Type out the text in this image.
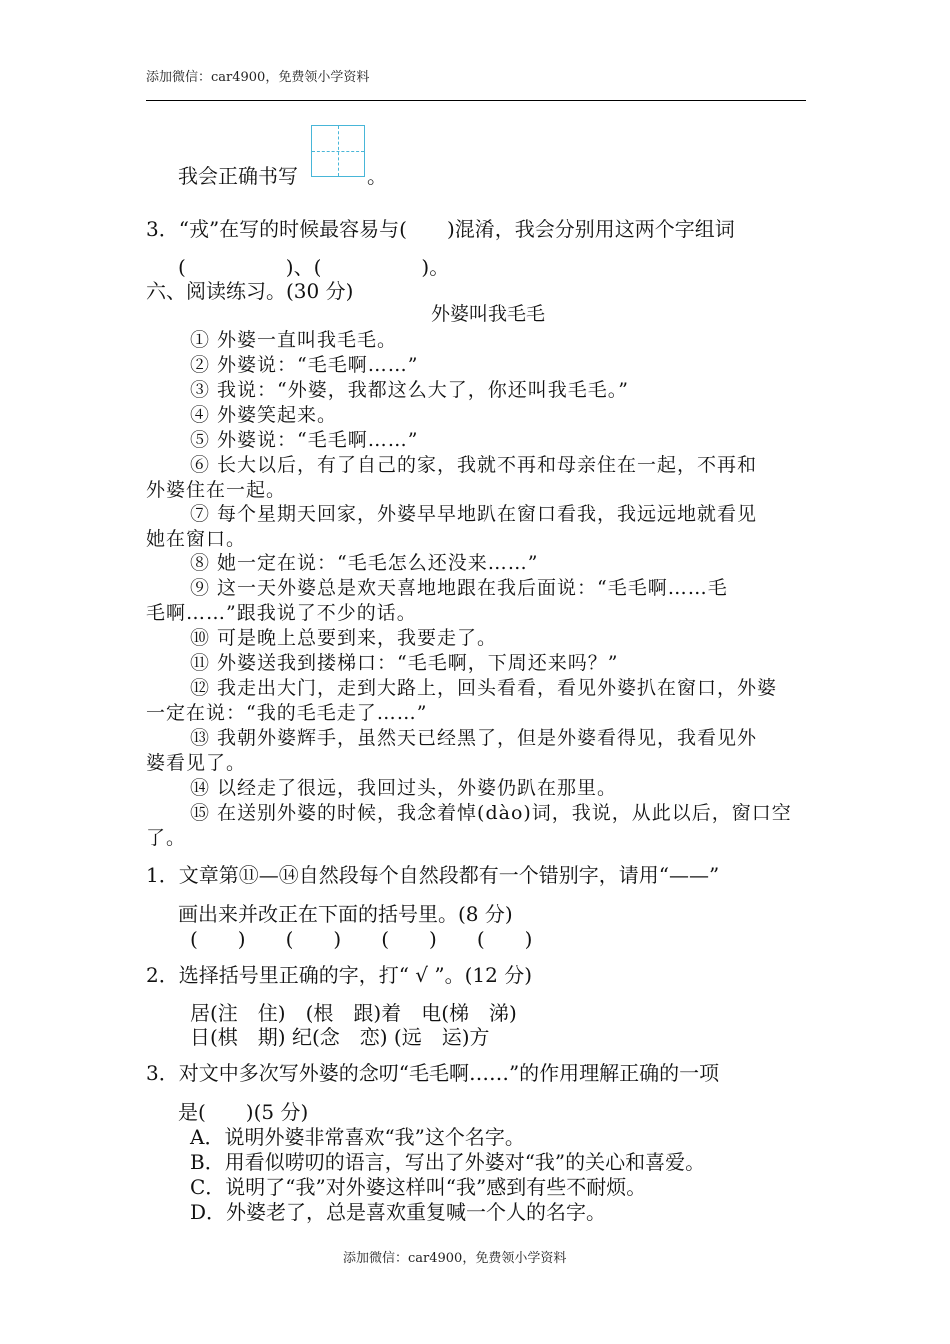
添加微信：car4900，免费领小学资料
我会正确书写	。
3．“戎”在写的时候最容易与(　　)混淆，我会分别用这两个字组词
(　　　　　)、(　　　　　)。
六、阅读练习。(30 分)
外婆叫我毛毛
① 外婆一直叫我毛毛。
② 外婆说：“毛毛啊……”
③ 我说：“外婆，我都这么大了，你还叫我毛毛。”
④ 外婆笑起来。
⑤ 外婆说：“毛毛啊……”
⑥ 长大以后，有了自己的家，我就不再和母亲住在一起，不再和
外婆住在一起。
⑦ 每个星期天回家，外婆早早地趴在窗口看我，我远远地就看见
她在窗口。
⑧ 她一定在说：“毛毛怎么还没来……”
⑨ 这一天外婆总是欢天喜地地跟在我后面说：“毛毛啊……毛
毛啊……”跟我说了不少的话。
⑩ 可是晚上总要到来，我要走了。
⑪ 外婆送我到搂梯口：“毛毛啊，下周还来吗？”
⑫ 我走出大门，走到大路上，回头看看，看见外婆扒在窗口，外婆
一定在说：“我的毛毛走了……”
⑬ 我朝外婆辉手，虽然天已经黑了，但是外婆看得见，我看见外
婆看见了。
⑭ 以经走了很远，我回过头，外婆仍趴在那里。
⑮ 在送别外婆的时候，我念着悼(dào)词，我说，从此以后，窗口空
了。
1．文章第⑪—⑭自然段每个自然段都有一个错别字，请用“——”
画出来并改正在下面的括号里。(8 分)
(　　)　　(　　)　　(　　)　　(　　)
2．选择括号里正确的字，打“ √ ”。(12 分)
居(注　住)　(根　跟)着　电(梯　涕)
日(棋　期) 纪(念　恋) (远　运)方
3．对文中多次写外婆的念叨“毛毛啊……”的作用理解正确的一项
是(　　)(5 分)
A．说明外婆非常喜欢“我”这个名字。
B．用看似唠叨的语言，写出了外婆对“我”的关心和喜爱。
C．说明了“我”对外婆这样叫“我”感到有些不耐烦。
D．外婆老了，总是喜欢重复喊一个人的名字。
添加微信：car4900，免费领小学资料
